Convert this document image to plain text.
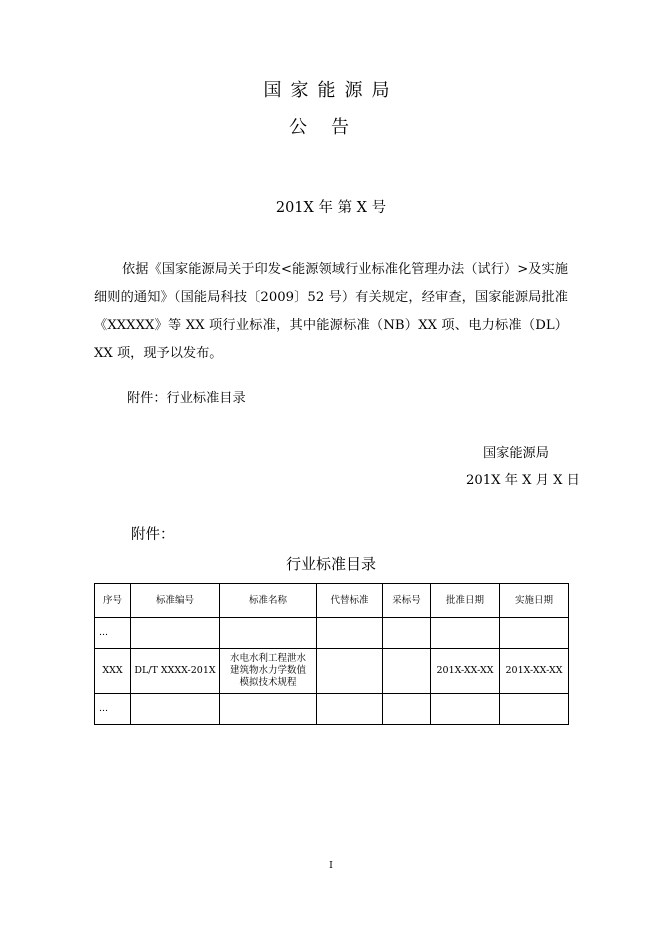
国家能源局
公告
201X 年 第 X 号
依据《国家能源局关于印发<能源领域行业标准化管理办法（试行）>及实施细则的通知》（国能局科技〔2009〕52 号）有关规定，经审查，国家能源局批准《XXXXX》等 XX 项行业标准，其中能源标准（NB）XX 项、电力标准（DL）XX 项，现予以发布。
附件：行业标准目录
国家能源局
201X 年 X 月 X 日
附件：
行业标准目录
序号	标准编号	标准名称	代替标准	采标号	批准日期	实施日期
...						
XXX	DL/T XXXX-201X	水电水利工程泄水建筑物水力学数值模拟技术规程			201X-XX-XX	201X-XX-XX
...						
I
